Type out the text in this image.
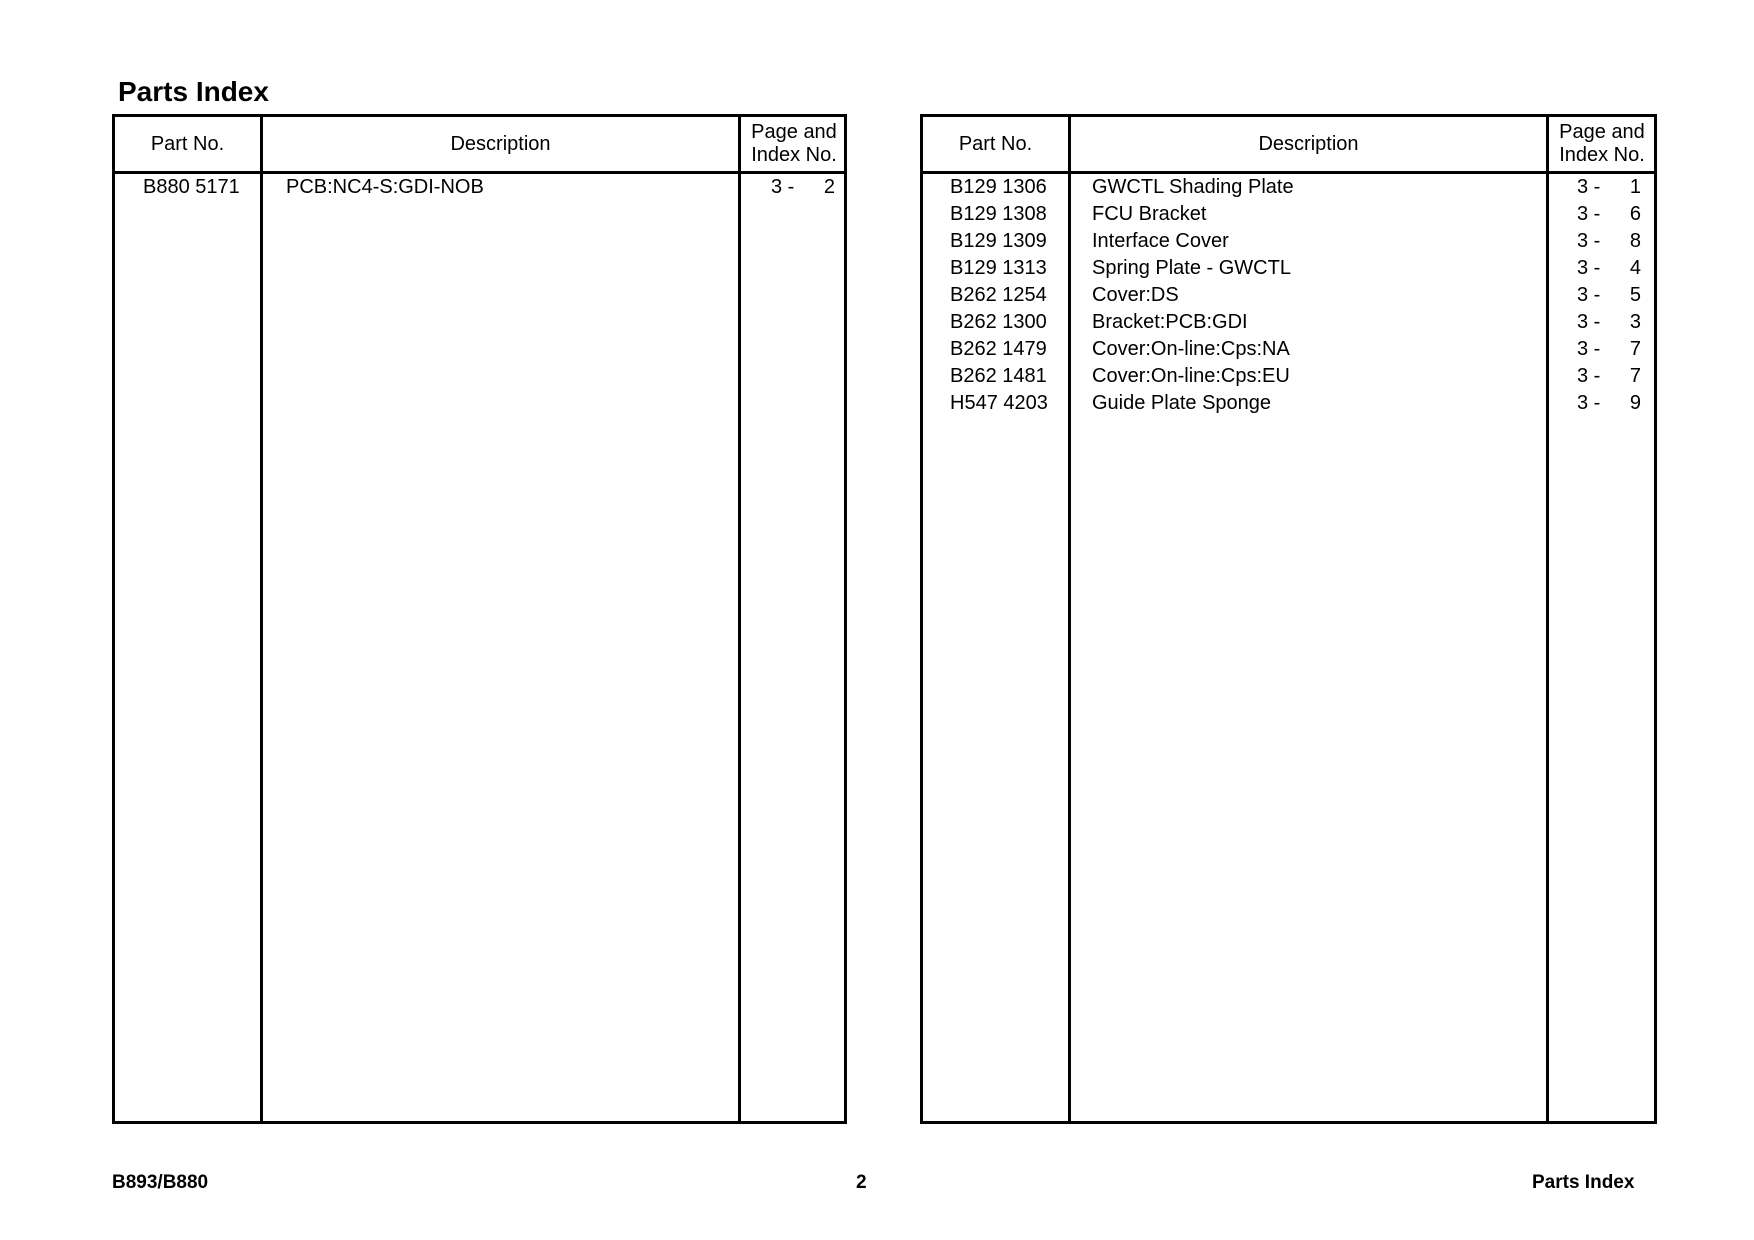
Parts Index
Part No.	Description
Page and
Index No.
B880 5171	PCB:NC4-S:GDI-NOB	3 -	2
Part No.	Description
Page and
Index No.
B129 1306	GWCTL Shading Plate	3 -	1
B129 1308	FCU Bracket	3 -	6
B129 1309	Interface Cover	3 -	8
B129 1313	Spring Plate - GWCTL	3 -	4
B262 1254	Cover:DS	3 -	5
B262 1300	Bracket:PCB:GDI	3 -	3
B262 1479	Cover:On-line:Cps:NA	3 -	7
B262 1481	Cover:On-line:Cps:EU	3 -	7
H547 4203	Guide Plate Sponge	3 -	9
B893/B880	2	Parts Index
